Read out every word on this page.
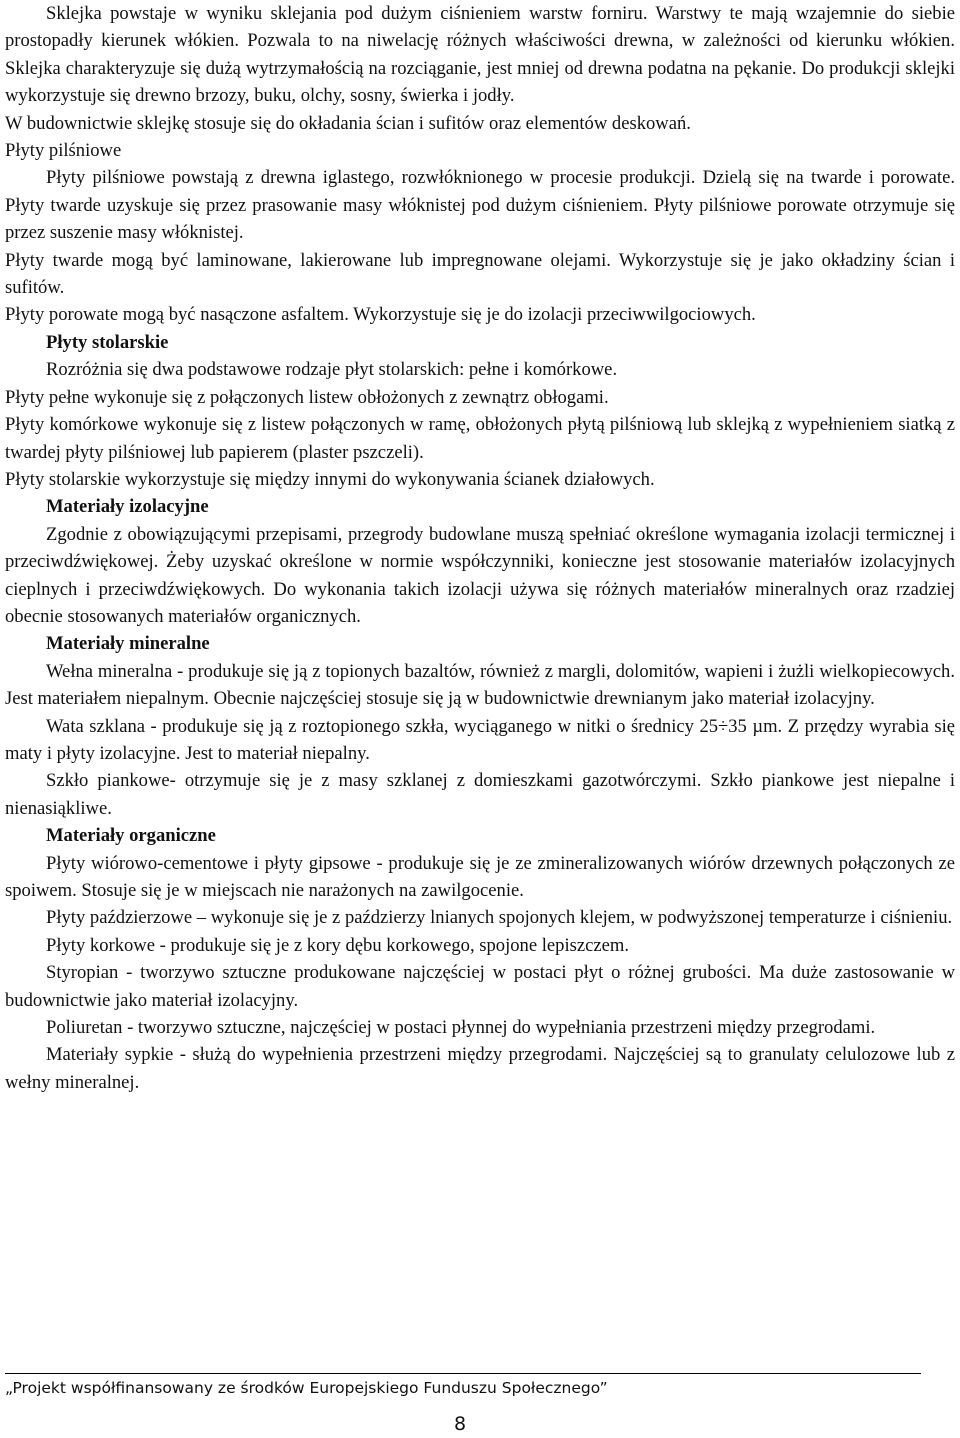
Sklejka powstaje w wyniku sklejania pod dużym ciśnieniem warstw forniru. Warstwy te mają wzajemnie do siebie prostopadły kierunek włókien. Pozwala to na niwelację różnych właściwości drewna, w zależności od kierunku włókien. Sklejka charakteryzuje się dużą wytrzymałością na rozciąganie, jest mniej od drewna podatna na pękanie. Do produkcji sklejki wykorzystuje się drewno brzozy, buku, olchy, sosny, świerka i jodły.

W budownictwie sklejkę stosuje się do okładania ścian i sufitów oraz elementów deskowań.

Płyty pilśniowe

Płyty pilśniowe powstają z drewna iglastego, rozwłóknionego w procesie produkcji. Dzielą się na twarde i porowate. Płyty twarde uzyskuje się przez prasowanie masy włóknistej pod dużym ciśnieniem. Płyty pilśniowe porowate otrzymuje się przez suszenie masy włóknistej.

Płyty twarde mogą być laminowane, lakierowane lub impregnowane olejami. Wykorzystuje się je jako okładziny ścian i sufitów.

Płyty porowate mogą być nasączone asfaltem. Wykorzystuje się je do izolacji przeciwwilgociowych.

Płyty stolarskie

Rozróżnia się dwa podstawowe rodzaje płyt stolarskich: pełne i komórkowe.

Płyty pełne wykonuje się z połączonych listew obłożonych z zewnątrz obłogami.

Płyty komórkowe wykonuje się z listew połączonych w ramę, obłożonych płytą pilśniową lub sklejką z wypełnieniem siatką z twardej płyty pilśniowej lub papierem (plaster pszczeli).

Płyty stolarskie wykorzystuje się między innymi do wykonywania ścianek działowych.

Materiały izolacyjne

Zgodnie z obowiązującymi przepisami, przegrody budowlane muszą spełniać określone wymagania izolacji termicznej i przeciwdźwiękowej. Żeby uzyskać określone w normie współczynniki, konieczne jest stosowanie materiałów izolacyjnych cieplnych i przeciwdźwiękowych. Do wykonania takich izolacji używa się różnych materiałów mineralnych oraz rzadziej obecnie stosowanych materiałów organicznych.

Materiały mineralne

Wełna mineralna - produkuje się ją z topionych bazaltów, również z margli, dolomitów, wapieni i żużli wielkopiecowych. Jest materiałem niepalnym. Obecnie najczęściej stosuje się ją w budownictwie drewnianym jako materiał izolacyjny.

Wata szklana - produkuje się ją z roztopionego szkła, wyciąganego w nitki o średnicy 25÷35 µm. Z przędzy wyrabia się maty i płyty izolacyjne. Jest to materiał niepalny.

Szkło piankowe- otrzymuje się je z masy szklanej z domieszkami gazotwórczymi. Szkło piankowe jest niepalne i nienasiąkliwe.

Materiały organiczne

Płyty wiórowo-cementowe i płyty gipsowe - produkuje się je ze zmineralizowanych wiórów drzewnych połączonych ze spoiwem. Stosuje się je w miejscach nie narażonych na zawilgocenie.

Płyty paździerzowe – wykonuje się je z paździerzy lnianych spojonych klejem, w podwyższonej temperaturze i ciśnieniu.

Płyty korkowe - produkuje się je z kory dębu korkowego, spojone lepiszczem.

Styropian - tworzywo sztuczne produkowane najczęściej w postaci płyt o różnej grubości. Ma duże zastosowanie w budownictwie jako materiał izolacyjny.

Poliuretan - tworzywo sztuczne, najczęściej w postaci płynnej do wypełniania przestrzeni między przegrodami.

Materiały sypkie - służą do wypełnienia przestrzeni między przegrodami. Najczęściej są to granulaty celulozowe lub z wełny mineralnej.

„Projekt współfinansowany ze środków Europejskiego Funduszu Społecznego”
8
